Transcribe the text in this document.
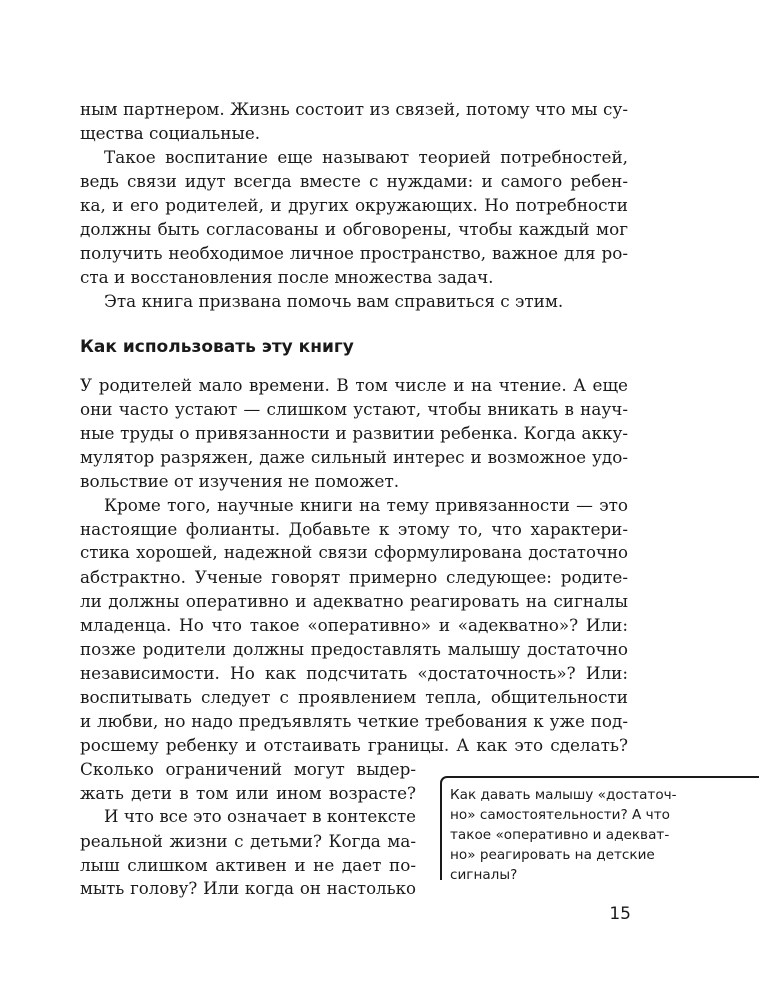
ным партнером. Жизнь состоит из связей, потому что мы су-
щества социальные.
Такое воспитание еще называют теорией потребностей,
ведь связи идут всегда вместе с нуждами: и самого ребен-
ка, и его родителей, и других окружающих. Но потребности
должны быть согласованы и обговорены, чтобы каждый мог
получить необходимое личное пространство, важное для ро-
ста и восстановления после множества задач.
Эта книга призвана помочь вам справиться с этим.
Как использовать эту книгу
У родителей мало времени. В том числе и на чтение. А еще
они часто устают — слишком устают, чтобы вникать в науч-
ные труды о привязанности и развитии ребенка. Когда акку-
мулятор разряжен, даже сильный интерес и возможное удо-
вольствие от изучения не поможет.
Кроме того, научные книги на тему привязанности — это
настоящие фолианты. Добавьте к этому то, что характери-
стика хорошей, надежной связи сформулирована достаточно
абстрактно. Ученые говорят примерно следующее: родите-
ли должны оперативно и адекватно реагировать на сигналы
младенца. Но что такое «оперативно» и «адекватно»? Или:
позже родители должны предоставлять малышу достаточно
независимости. Но как подсчитать «достаточность»? Или:
воспитывать следует с проявлением тепла, общительности
и любви, но надо предъявлять четкие требования к уже под-
росшему ребенку и отстаивать границы. А как это сделать?
Сколько ограничений могут выдер-
жать дети в том или ином возрасте?
И что все это означает в контексте
реальной жизни с детьми? Когда ма-
лыш слишком активен и не дает по-
мыть голову? Или когда он настолько
Как давать малышу «достаточ-
но» самостоятельности? А что
такое «оперативно и адекват-
но» реагировать на детские
сигналы?
15
